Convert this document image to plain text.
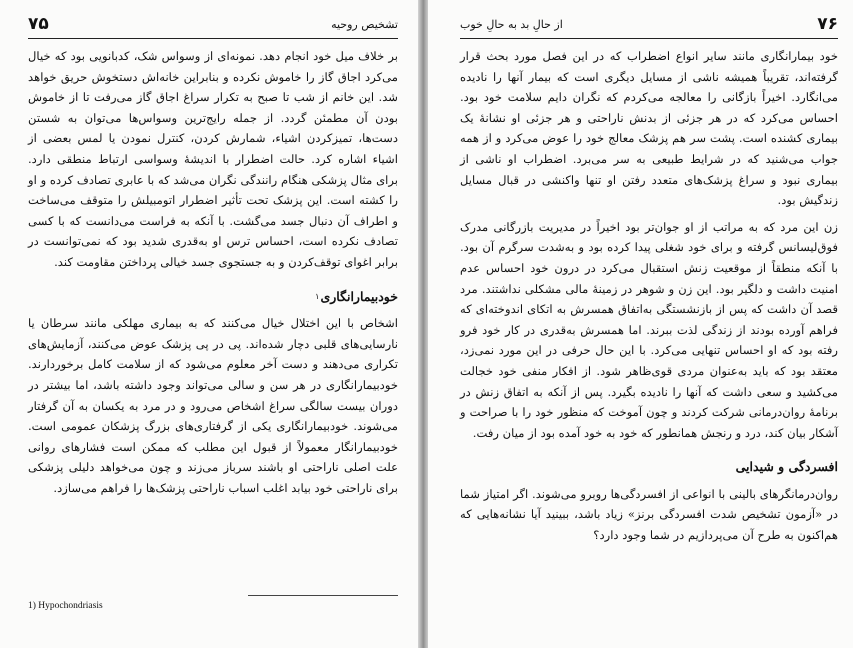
۷۵	تشخیص روحیه

بر خلاف میل خود انجام دهد. نمونه‌ای از وسواس شک، کدبانویی بود که خیال می‌کرد اجاق گاز را خاموش نکرده و بنابراین خانه‌اش دستخوش حریق خواهد شد. این خانم از شب تا صبح به تکرار سراغ اجاق گاز می‌رفت تا از خاموش بودن آن مطمئن گردد. از جمله رایج‌ترین وسواس‌ها می‌توان به شستن دست‌ها، تمیزکردن اشیاء، شمارش کردن، کنترل نمودن یا لمس بعضی از اشیاء اشاره کرد. حالت اضطرار با اندیشهٔ وسواسی ارتباط منطقی دارد. برای مثال پزشکی هنگام رانندگی نگران می‌شد که با عابری تصادف کرده و او را کشته است. این پزشک تحت تأثیر اضطرار اتومبیلش را متوقف می‌ساخت و اطراف آن دنبال جسد می‌گشت. با آنکه به فراست می‌دانست که با کسی تصادف نکرده است، احساس ترس او به‌قدری شدید بود که نمی‌توانست در برابر اغوای توقف‌کردن و به جستجوی جسد خیالی پرداختن مقاومت کند.

خودبیمارانگاری
۱

اشخاص با این اختلال خیال می‌کنند که به بیماری مهلکی مانند سرطان یا نارسایی‌های قلبی دچار شده‌اند. پی در پی پزشک عوض می‌کنند، آزمایش‌های تکراری می‌دهند و دست آخر معلوم می‌شود که از سلامت کامل برخوردارند. خودبیمارانگاری در هر سن و سالی می‌تواند وجود داشته باشد، اما بیشتر در دوران بیست سالگی سراغ اشخاص می‌رود و در مرد به یکسان به آن گرفتار می‌شوند. خودبیمارانگاری یکی از گرفتاری‌های بزرگ پزشکان عمومی است. خودبیمارانگار معمولاً از قبول این مطلب که ممکن است فشارهای روانی علت اصلی ناراحتی او باشند سرباز می‌زند و چون می‌خواهد دلیلی پزشکی برای ناراحتی خود بیابد اغلب اسباب ناراحتی پزشک‌ها را فراهم می‌سازد.

1) Hypochondriasis
از حالِ بد به حالِ خوب	۷۶

خود بیمارانگاری مانند سایر انواع اضطراب که در این فصل مورد بحث قرار گرفته‌اند، تقریباً همیشه ناشی از مسایل دیگری است که بیمار آنها را نادیده می‌انگارد. اخیراً بازگانی را معالجه می‌کردم که نگران دایم سلامت خود بود. احساس می‌کرد که در هر جزئی از بدنش ناراحتی و هر جزئی او نشانهٔ یک بیماری کشنده است. پشت سر هم پزشک معالج خود را عوض می‌کرد و از همه جواب می‌شنید که در شرایط طبیعی به سر می‌برد. اضطراب او ناشی از بیماری نبود و سراغ پزشک‌های متعدد رفتن او تنها واکنشی در قبال مسایل زندگیش بود.

زن این مرد که به مراتب از او جوان‌تر بود اخیراً در مدیریت بازرگانی مدرک فوق‌لیسانس گرفته و برای خود شغلی پیدا کرده بود و به‌شدت سرگرم آن بود. با آنکه منطقاً از موقعیت زنش استقبال می‌کرد در درون خود احساس عدم امنیت داشت و دلگیر بود. این زن و شوهر در زمینهٔ مالی مشکلی نداشتند. مرد قصد آن داشت که پس از بازنشستگی به‌اتفاق همسرش به اتکای اندوخته‌ای که فراهم آورده بودند از زندگی لذت ببرند. اما همسرش به‌قدری در کار خود فرو رفته بود که او احساس تنهایی می‌کرد. با این حال حرفی در این مورد نمی‌زد، معتقد بود که باید به‌عنوان مردی قوی‌ظاهر شود. از افکار منفی خود خجالت می‌کشید و سعی داشت که آنها را نادیده بگیرد. پس از آنکه به اتفاق زنش در برنامهٔ روان‌درمانی شرکت کردند و چون آموخت که منظور خود را با صراحت و آشکار بیان کند، درد و رنجش همانطور که خود به خود آمده بود از میان رفت.

افسردگی و شیدایی

روان‌درمانگرهای بالینی با انواعی از افسردگی‌ها روبرو می‌شوند. اگر امتیاز شما در «آزمون تشخیص شدت افسردگی برنز» زیاد باشد، ببینید آیا نشانه‌هایی که هم‌اکنون به طرح آن می‌پردازیم در شما وجود دارد؟
